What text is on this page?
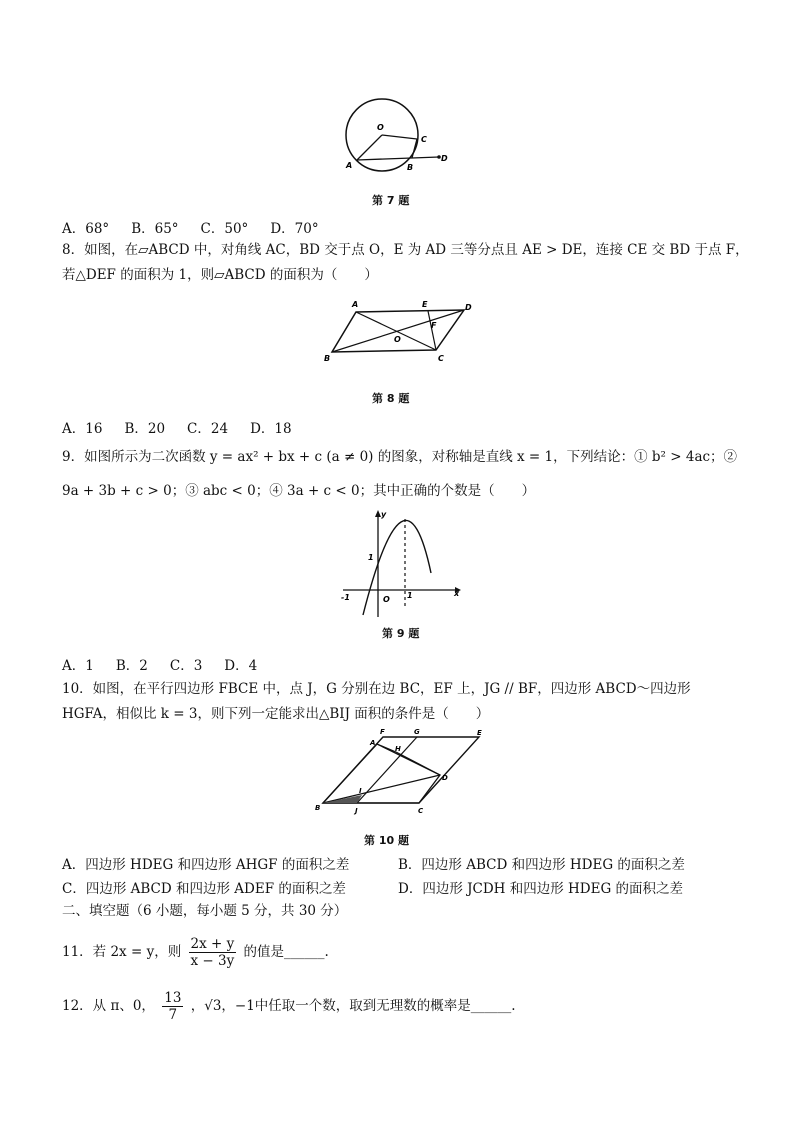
O
C
A	B
D
第 7 题
A．68° B．65° C．50° D．70°
8．如图，在▱ABCD 中，对角线 AC，BD 交于点 O，E 为 AD 三等分点且 AE > DE，连接 CE 交 BD 于点 F，
若△DEF 的面积为 1，则▱ABCD 的面积为（　　）
A	E	D
F
O
B	C
第 8 题
A．16 B．20 C．24 D．18
9．如图所示为二次函数 y = ax² + bx + c (a ≠ 0) 的图象，对称轴是直线 x = 1，下列结论：① b² > 4ac；②
9a + 3b + c > 0；③ abc < 0；④ 3a + c < 0；其中正确的个数是（　　）
x
y
1
-1	O 1
第 9 题
A．1 B．2 C．3 D．4
10．如图，在平行四边形 FBCE 中，点 J，G 分别在边 BC，EF 上，JG // BF，四边形 ABCD～四边形
HGFA，相似比 k = 3，则下列一定能求出△BIJ 面积的条件是（　　）
A
F	G	E
H
D
I
B	J	C
第 10 题
A．四边形 HDEG 和四边形 AHGF 的面积之差	B．四边形 ABCD 和四边形 HDEG 的面积之差
C．四边形 ABCD 和四边形 ADEF 的面积之差	D．四边形 JCDH 和四边形 HDEG 的面积之差
二、填空题（6 小题，每小题 5 分，共 30 分）
11．若 2x = y，则 $\frac{2x + y}{x - 3y}$ 的值是______.
12．从 π、0， $\frac{13}{7}$ ，√3，−1中任取一个数，取到无理数的概率是______.
